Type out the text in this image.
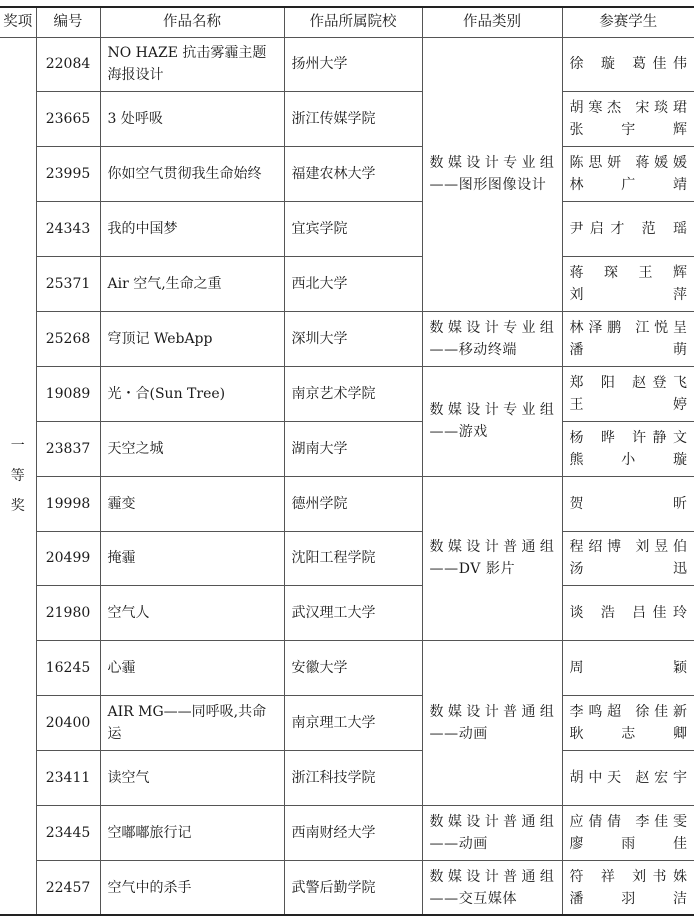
奖项	编号	作品名称	作品所属院校	作品类别	参赛学生
一
等
奖	22084	NO HAZE 抗击雾霾主题海报设计	扬州大学	数媒设计专业组——图形图像设计	徐 璇 葛佳伟

	23665	3 处呼吸	浙江传媒学院		胡寒杰 宋琰珺
张宇辉

	23995	你如空气贯彻我生命始终	福建农林大学		陈思妍 蒋媛媛
林广靖

	24343	我的中国梦	宜宾学院		尹启才 范 瑶

	25371	Air 空气,生命之重	西北大学		蒋 琛 王 辉
刘 萍

	25268	穹顶记 WebApp	深圳大学	数媒设计专业组——移动终端	林泽鹏 江悦呈
潘 萌

	19089	光・合(Sun Tree)	南京艺术学院	数媒设计专业组——游戏	郑 阳 赵登飞
王 婷

	23837	天空之城	湖南大学		杨 晔 许静文
熊小璇

	19998	霾变	德州学院	数媒设计普通组——DV 影片	贺 昕

	20499	掩霾	沈阳工程学院		程绍博 刘昱伯
汤 迅

	21980	空气人	武汉理工大学		谈 浩 吕佳玲

	16245	心霾	安徽大学	数媒设计普通组——动画	周 颖

	20400	AIR MG——同呼吸,共命运	南京理工大学		李鸣超 徐佳新
耿志卿

	23411	读空气	浙江科技学院		胡中天 赵宏宇

	23445	空嘟嘟旅行记	西南财经大学	数媒设计普通组——动画	应倩倩 李佳雯
廖雨佳

	22457	空气中的杀手	武警后勤学院	数媒设计普通组——交互媒体	符 祥 刘书姝
潘羽洁
